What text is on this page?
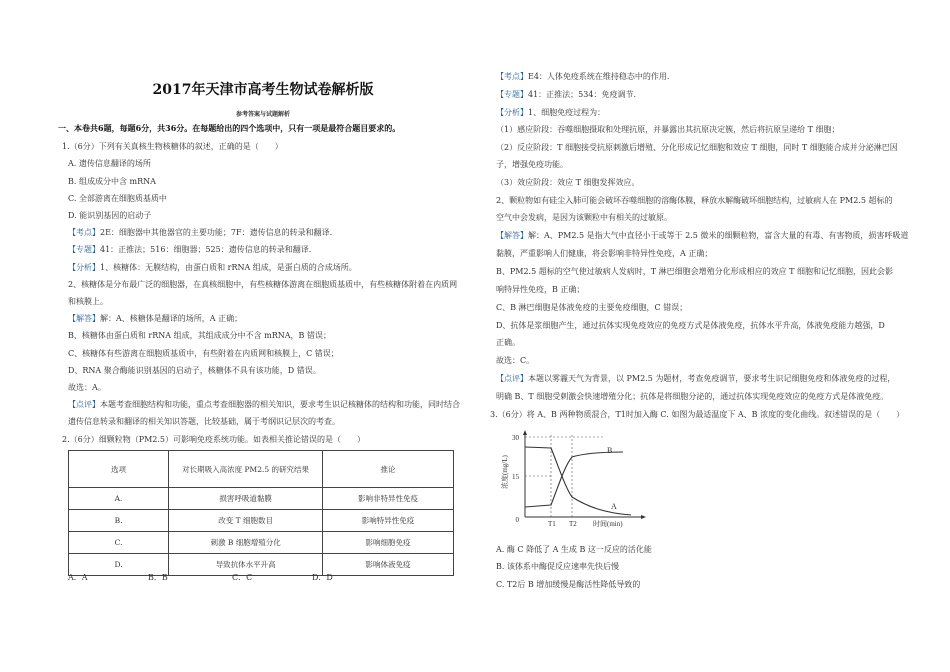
2017年天津市高考生物试卷解析版
参考答案与试题解析
一、本卷共6题，每题6分，共36分。在每题给出的四个选项中，只有一项是最符合题目要求的。
1.（6分）下列有关真核生物核糖体的叙述，正确的是（　　）
A. 遗传信息翻译的场所
B. 组成成分中含 mRNA
C. 全部游离在细胞质基质中
D. 能识别基因的启动子
【考点】2E：细胞器中其他器官的主要功能；7F：遗传信息的转录和翻译.
【专题】41：正推法；516：细胞器；525：遗传信息的转录和翻译.
【分析】1、核糖体：无膜结构，由蛋白质和 rRNA 组成，是蛋白质的合成场所。
2、核糖体是分布最广泛的细胞器，在真核细胞中，有些核糖体游离在细胞质基质中，有些核糖体附着在内质网
和核膜上。
【解答】解：A、核糖体是翻译的场所，A 正确；
B、核糖体由蛋白质和 rRNA 组成，其组成成分中不含 mRNA，B 错误；
C、核糖体有些游离在细胞质基质中，有些附着在内质网和核膜上，C 错误；
D、RNA 聚合酶能识别基因的启动子，核糖体不具有该功能，D 错误。
故选：A。
【点评】本题考查细胞结构和功能，重点考查细胞器的相关知识，要求考生识记核糖体的结构和功能，同时结合
遗传信息转录和翻译的相关知识答题，比较基础，属于考纲识记层次的考查。
2.（6分）细颗粒物（PM2.5）可影响免疫系统功能。如表相关推论错误的是（　　）
选项	对长期吸入高浓度 PM2.5 的研究结果	推论
A.	损害呼吸道黏膜	影响非特异性免疫
B.	改变 T 细胞数目	影响特异性免疫
C.	刺激 B 细胞增殖分化	影响细胞免疫
D.	导致抗体水平升高	影响体液免疫
A．A	B．B	C．C	D．D
【考点】E4：人体免疫系统在维持稳态中的作用.
【专题】41：正推法；534：免疫调节.
【分析】1、细胞免疫过程为：
（1）感应阶段：吞噬细胞摄取和处理抗原，并暴露出其抗原决定簇，然后将抗原呈递给 T 细胞；
（2）反应阶段：T 细胞接受抗原刺激后增殖、分化形成记忆细胞和效应 T 细胞，同时 T 细胞能合成并分泌淋巴因
子，增强免疫功能。
（3）效应阶段：效应 T 细胞发挥效应。
2、颗粒物如有硅尘入肺可能会破坏吞噬细胞的溶酶体膜，释放水解酶破坏细胞结构，过敏病人在 PM2.5 超标的
空气中会发病，是因为该颗粒中有相关的过敏原。
【解答】解：A、PM2.5 是指大气中直径小于或等于 2.5 微米的细颗粒物，富含大量的有毒、有害物质，损害呼吸道
黏膜，严重影响人们健康，将会影响非特异性免疫，A 正确；
B、PM2.5 超标的空气使过敏病人发病时，T 淋巴细胞会增殖分化形成相应的效应 T 细胞和记忆细胞，因此会影
响特异性免疫，B 正确；
C、B 淋巴细胞是体液免疫的主要免疫细胞，C 错误；
D、抗体是浆细胞产生，通过抗体实现免疫效应的免疫方式是体液免疫，抗体水平升高，体液免疫能力越强，D
正确。
故选：C。
【点评】本题以雾霾天气为背景，以 PM2.5 为题材，考查免疫调节，要求考生识记细胞免疫和体液免疫的过程，
明确 B、T 细胞受刺激会快速增殖分化；抗体是将细胞分泌的，通过抗体实现免疫效应的免疫方式是体液免疫。
3.（6分）将 A、B 两种物质混合，T1时加入酶 C. 如图为最适温度下 A、B 浓度的变化曲线。叙述错误的是（　　）
30
15
0	T1 T2 时间(min)
B
A
浓度(mg/L)
A. 酶 C 降低了 A 生成 B 这一反应的活化能
B. 该体系中酶促反应速率先快后慢
C. T2后 B 增加缓慢是酶活性降低导致的
